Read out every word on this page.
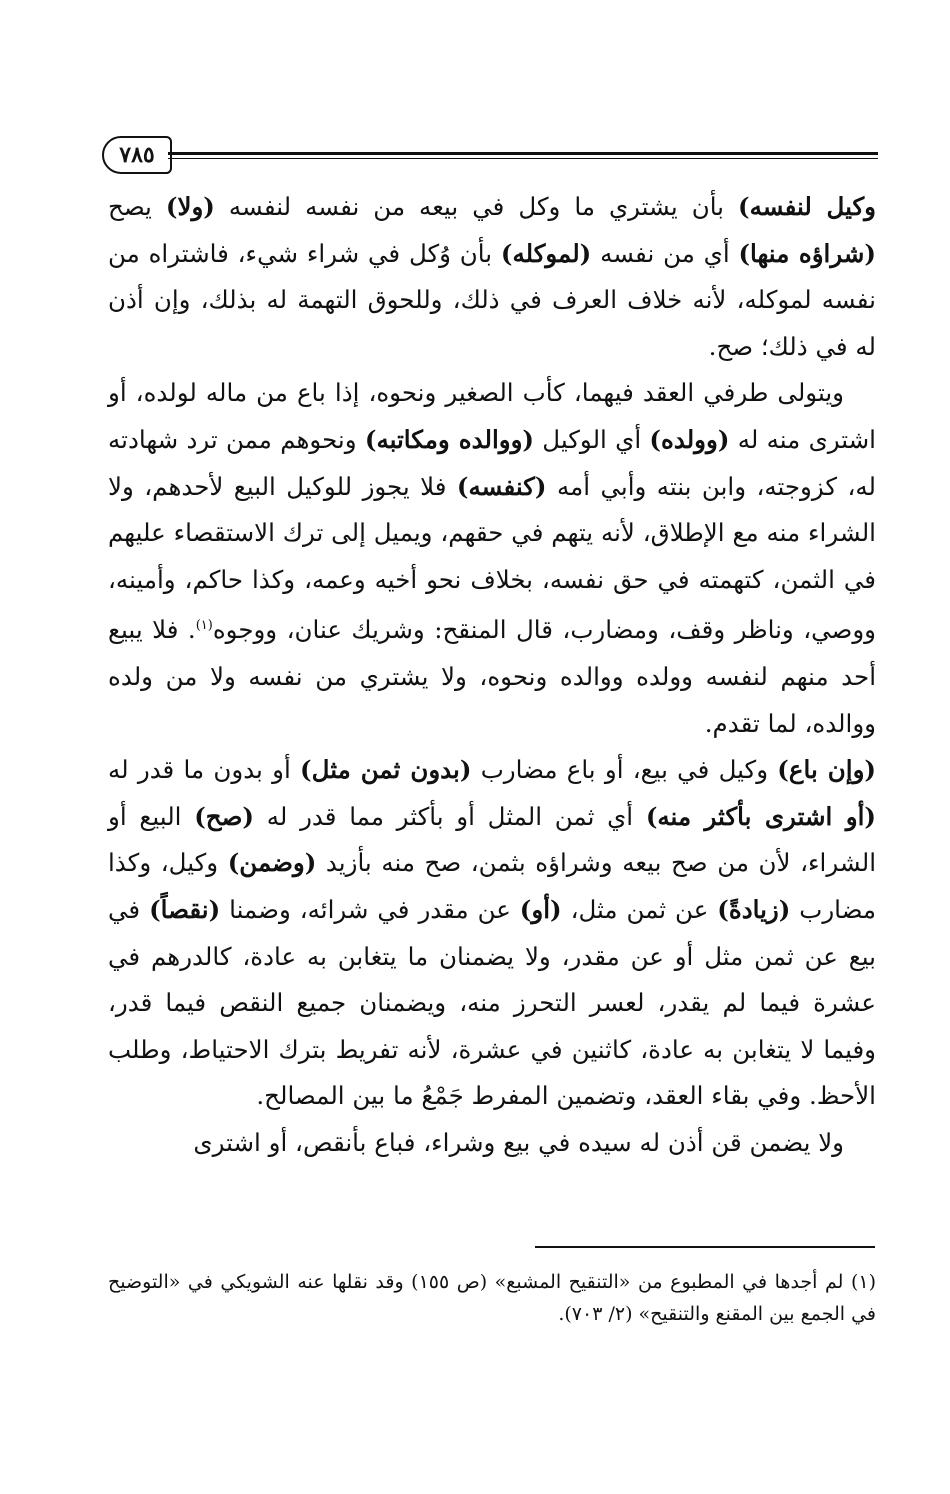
٧٨٥

وكيل لنفسه) بأن يشتري ما وكل في بيعه من نفسه لنفسه (ولا) يصح (شراؤه منها) أي من نفسه (لموكله) بأن وُكل في شراء شيء، فاشتراه من نفسه لموكله، لأنه خلاف العرف في ذلك، وللحوق التهمة له بذلك، وإن أذن له في ذلك؛ صح.

ويتولى طرفي العقد فيهما، كأب الصغير ونحوه، إذا باع من ماله لولده، أو اشترى منه له (وولده) أي الوكيل (ووالده ومكاتبه) ونحوهم ممن ترد شهادته له، كزوجته، وابن بنته وأبي أمه (كنفسه) فلا يجوز للوكيل البيع لأحدهم، ولا الشراء منه مع الإطلاق، لأنه يتهم في حقهم، ويميل إلى ترك الاستقصاء عليهم في الثمن، كتهمته في حق نفسه، بخلاف نحو أخيه وعمه، وكذا حاكم، وأمينه، ووصي، وناظر وقف، ومضارب، قال المنقح: وشريك عنان، ووجوه$^{(١)}$. فلا يبيع أحد منهم لنفسه وولده ووالده ونحوه، ولا يشتري من نفسه ولا من ولده ووالده، لما تقدم.

(وإن باع) وكيل في بيع، أو باع مضارب (بدون ثمن مثل) أو بدون ما قدر له (أو اشترى بأكثر منه) أي ثمن المثل أو بأكثر مما قدر له (صح) البيع أو الشراء، لأن من صح بيعه وشراؤه بثمن، صح منه بأزيد (وضمن) وكيل، وكذا مضارب (زيادةً) عن ثمن مثل، (أو) عن مقدر في شرائه، وضمنا (نقصاً) في بيع عن ثمن مثل أو عن مقدر، ولا يضمنان ما يتغابن به عادة، كالدرهم في عشرة فيما لم يقدر، لعسر التحرز منه، ويضمنان جميع النقص فيما قدر، وفيما لا يتغابن به عادة، كاثنين في عشرة، لأنه تفريط بترك الاحتياط، وطلب الأحظ. وفي بقاء العقد، وتضمين المفرط جَمْعُ ما بين المصالح.

ولا يضمن قن أذن له سيده في بيع وشراء، فباع بأنقص، أو اشترى

(١) لم أجدها في المطبوع من «التنقيح المشبع» (ص ١٥٥) وقد نقلها عنه الشويكي في «التوضيح في الجمع بين المقنع والتنقيح» (٢/ ٧٠٣).
